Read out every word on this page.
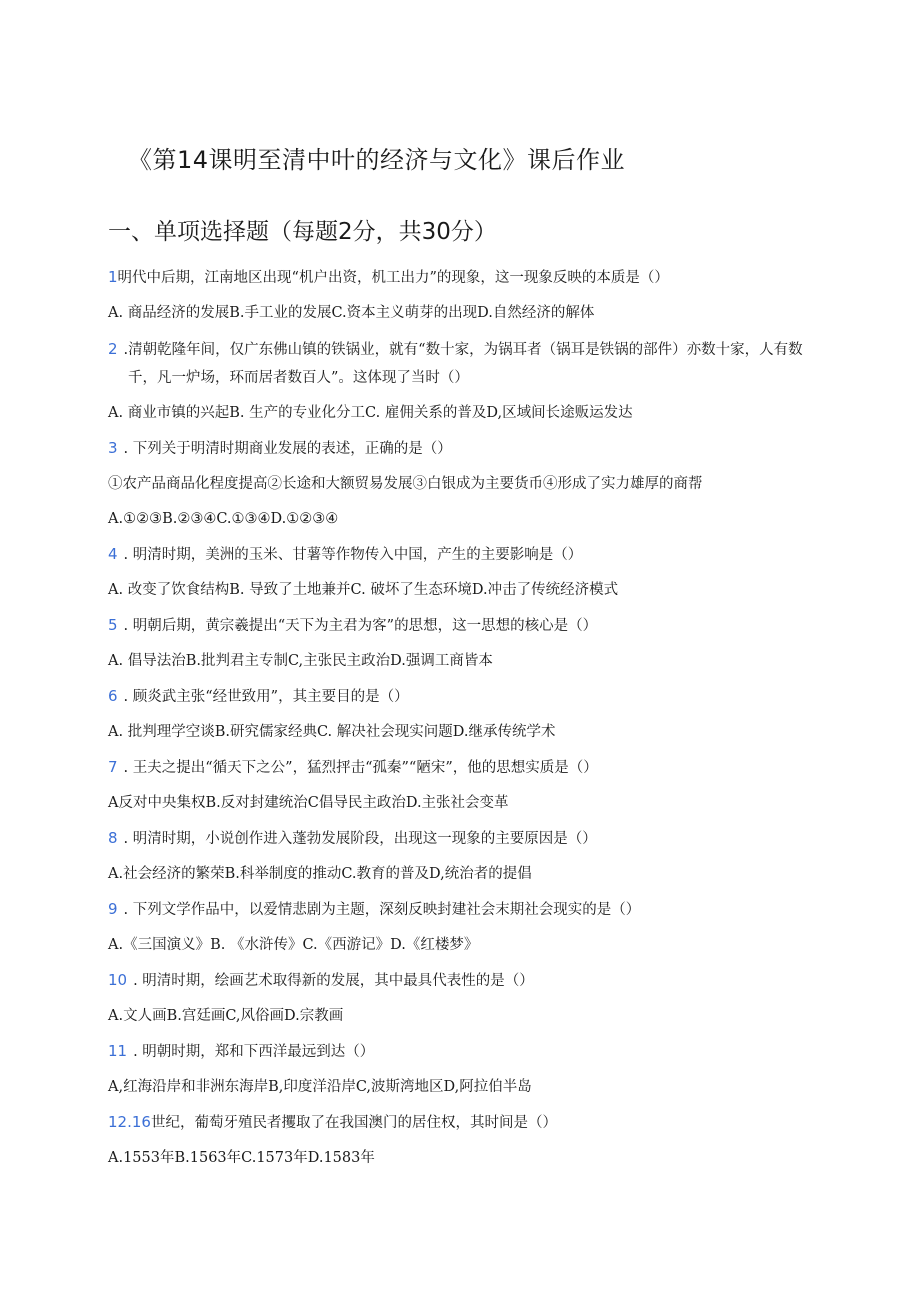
《第14课明至清中叶的经济与文化》课后作业
一、单项选择题（每题2分，共30分）
1明代中后期，江南地区出现“机户出资，机工出力”的现象，这一现象反映的本质是（）
A. 商品经济的发展B.手工业的发展C.资本主义萌芽的出现D.自然经济的解体
2 .清朝乾隆年间，仅广东佛山镇的铁锅业，就有“数十家，为锅耳者（锅耳是铁锅的部件）亦数十家，人有数千，凡一炉场，环而居者数百人”。这体现了当时（）
A. 商业市镇的兴起B. 生产的专业化分工C. 雇佣关系的普及D,区域间长途贩运发达
3 . 下列关于明清时期商业发展的表述，正确的是（）
①农产品商品化程度提高②长途和大额贸易发展③白银成为主要货币④形成了实力雄厚的商帮
A.①②③B.②③④C.①③④D.①②③④
4 . 明清时期，美洲的玉米、甘薯等作物传入中国，产生的主要影响是（）
A. 改变了饮食结构B. 导致了土地兼并C. 破坏了生态环境D.冲击了传统经济模式
5 . 明朝后期，黄宗羲提出“天下为主君为客”的思想，这一思想的核心是（）
A. 倡导法治B.批判君主专制C,主张民主政治D.强调工商皆本
6 . 顾炎武主张“经世致用”，其主要目的是（）
A. 批判理学空谈B.研究儒家经典C. 解决社会现实问题D.继承传统学术
7 . 王夫之提出“循天下之公”，猛烈抨击“孤秦”“陋宋”，他的思想实质是（）
A反对中央集权B.反对封建统治C倡导民主政治D.主张社会变革
8 . 明清时期，小说创作进入蓬勃发展阶段，出现这一现象的主要原因是（）
A.社会经济的繁荣B.科举制度的推动C.教育的普及D,统治者的提倡
9 . 下列文学作品中，以爱情悲剧为主题，深刻反映封建社会末期社会现实的是（）
A.《三国演义》B. 《水浒传》C.《西游记》D.《红楼梦》
10 . 明清时期，绘画艺术取得新的发展，其中最具代表性的是（）
A.文人画B.宫廷画C,风俗画D.宗教画
11 . 明朝时期，郑和下西洋最远到达（）
A,红海沿岸和非洲东海岸B,印度洋沿岸C,波斯湾地区D,阿拉伯半岛
12.16世纪，葡萄牙殖民者攫取了在我国澳门的居住权，其时间是（）
A.1553年B.1563年C.1573年D.1583年
